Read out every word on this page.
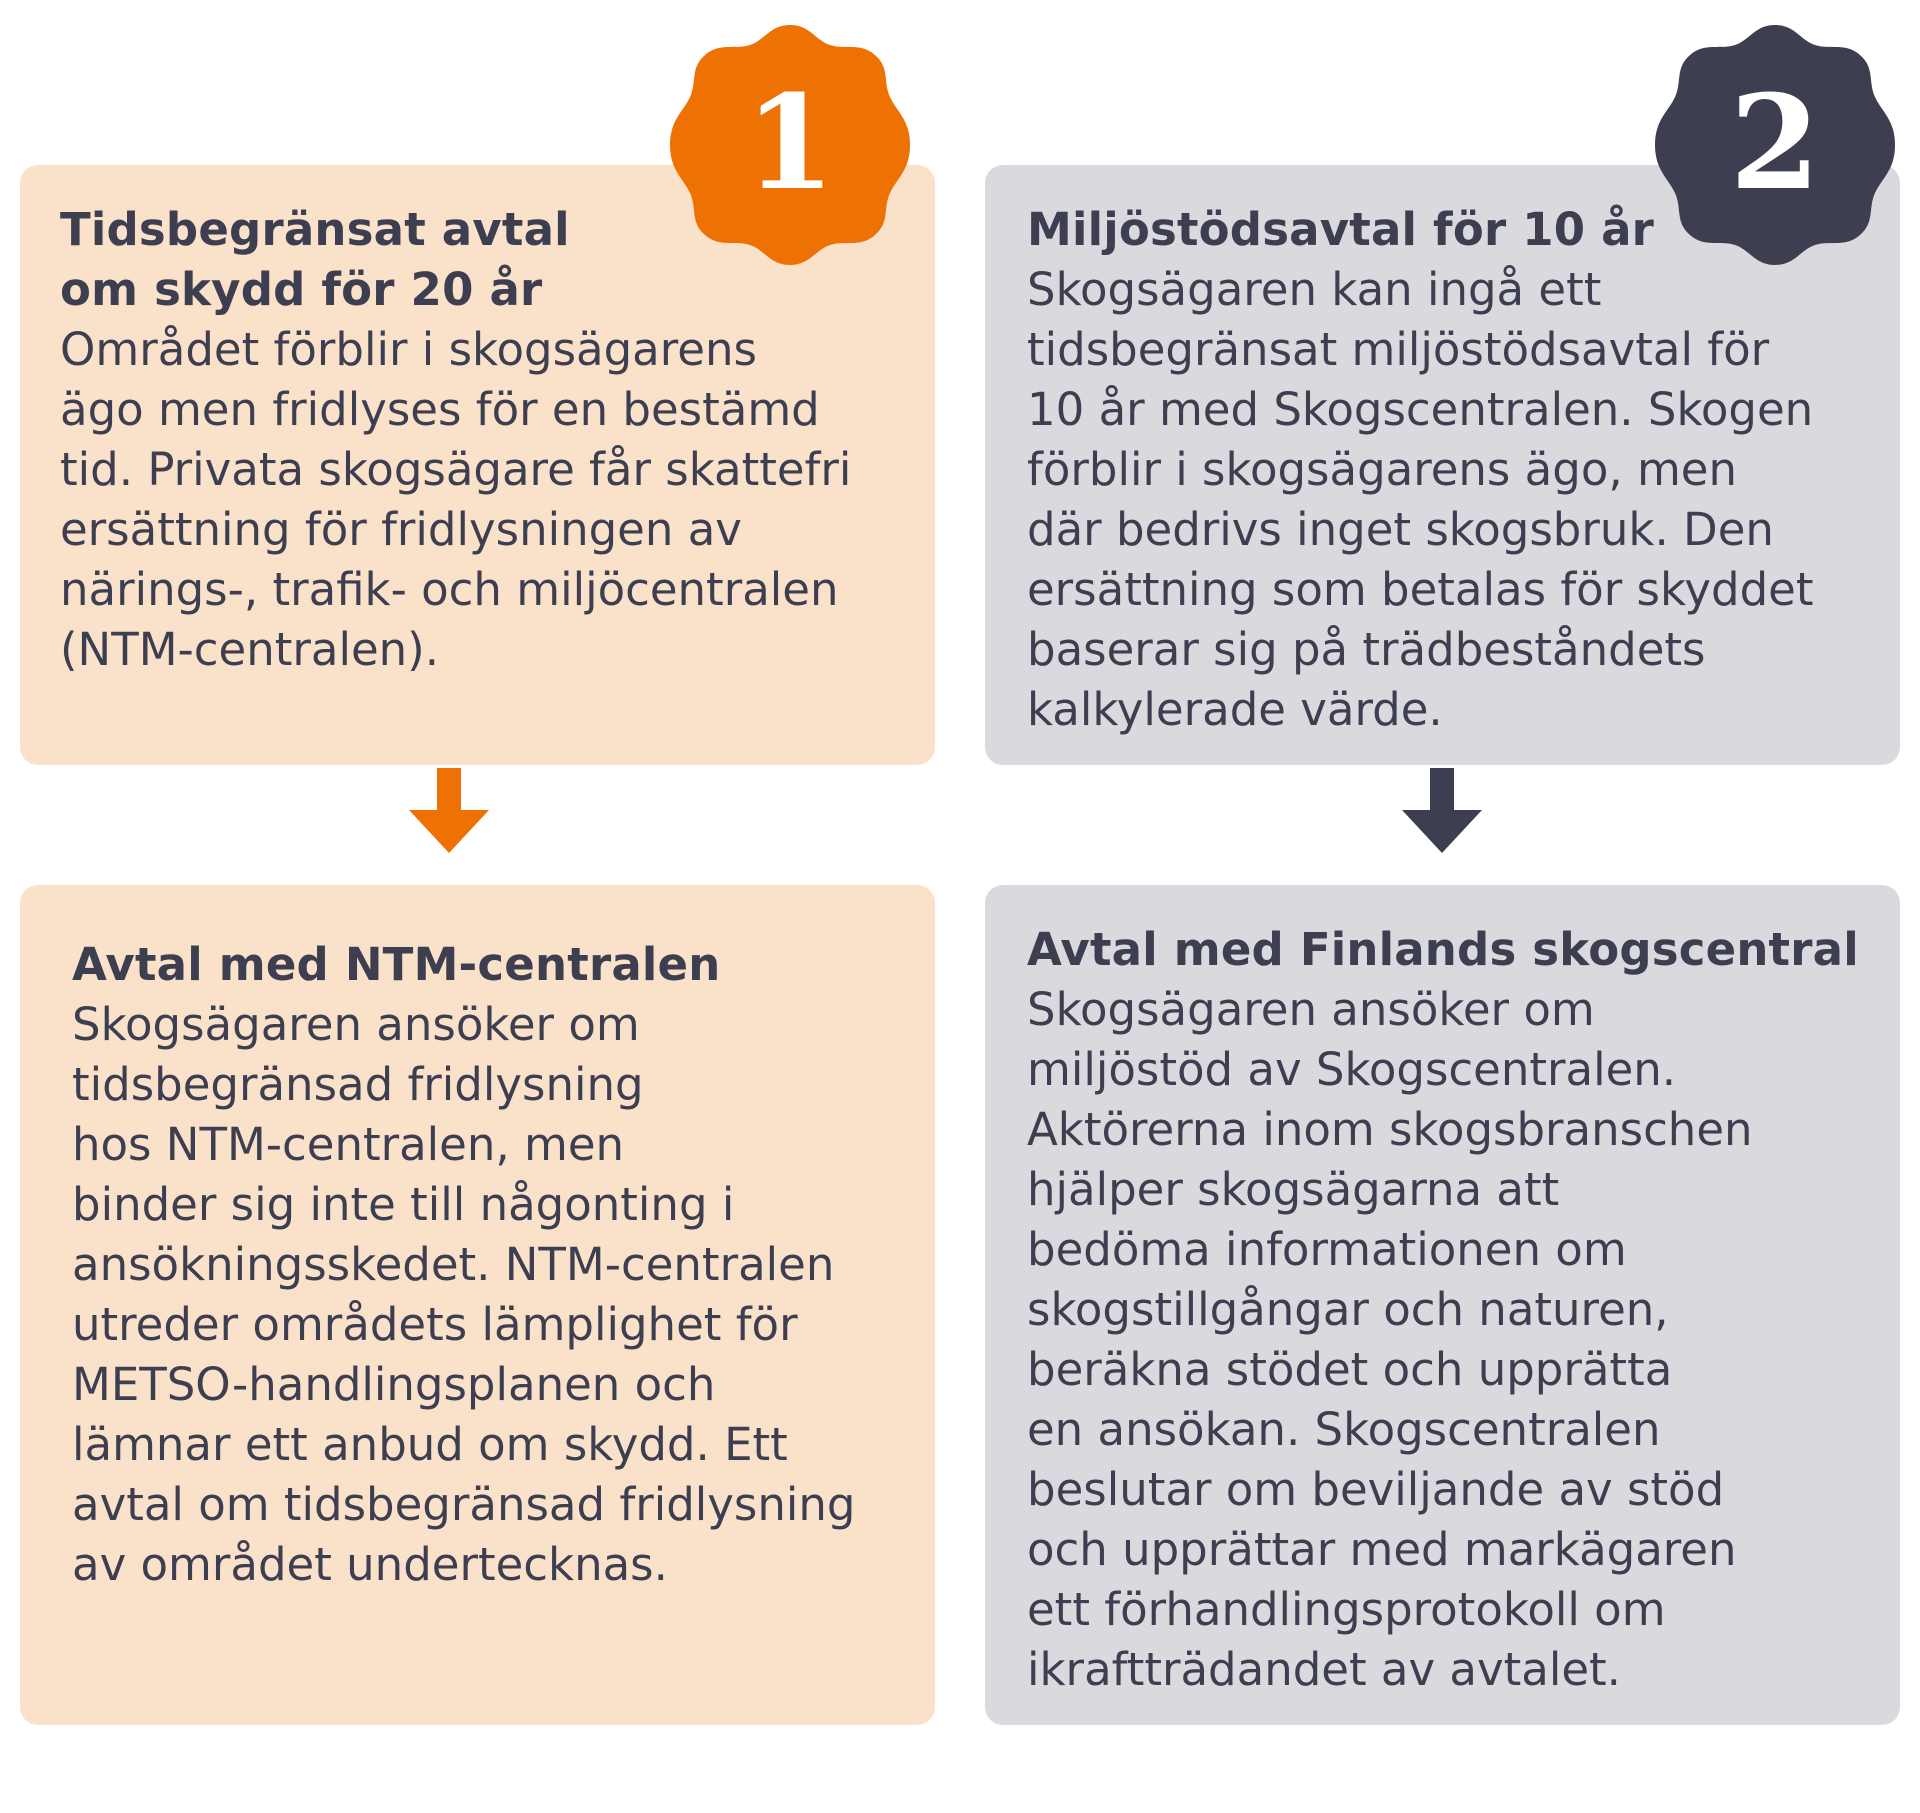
Tidsbegränsat avtal
om skydd för 20 år

Området förblir i skogsägarens
ägo men fridlyses för en bestämd
tid. Privata skogsägare får skattefri
ersättning för fridlysningen av
närings-, trafik- och miljöcentralen
(NTM-centralen).

Miljöstödsavtal för 10 år

Skogsägaren kan ingå ett
tidsbegränsat miljöstödsavtal för
10 år med Skogscentralen. Skogen
förblir i skogsägarens ägo, men
där bedrivs inget skogsbruk. Den
ersättning som betalas för skyddet
baserar sig på trädbeståndets
kalkylerade värde.

1	2

Avtal med NTM-centralen

Skogsägaren ansöker om
tidsbegränsad fridlysning
hos NTM-centralen, men
binder sig inte till någonting i
ansökningsskedet. NTM-centralen
utreder områdets lämplighet för
METSO-handlingsplanen och
lämnar ett anbud om skydd. Ett
avtal om tidsbegränsad fridlysning
av området undertecknas.

Avtal med Finlands skogscentral

Skogsägaren ansöker om
miljöstöd av Skogscentralen.
Aktörerna inom skogsbranschen
hjälper skogsägarna att
bedöma informationen om
skogstillgångar och naturen,
beräkna stödet och upprätta
en ansökan. Skogscentralen
beslutar om beviljande av stöd
och upprättar med markägaren
ett förhandlingsprotokoll om
ikraftträdandet av avtalet.
